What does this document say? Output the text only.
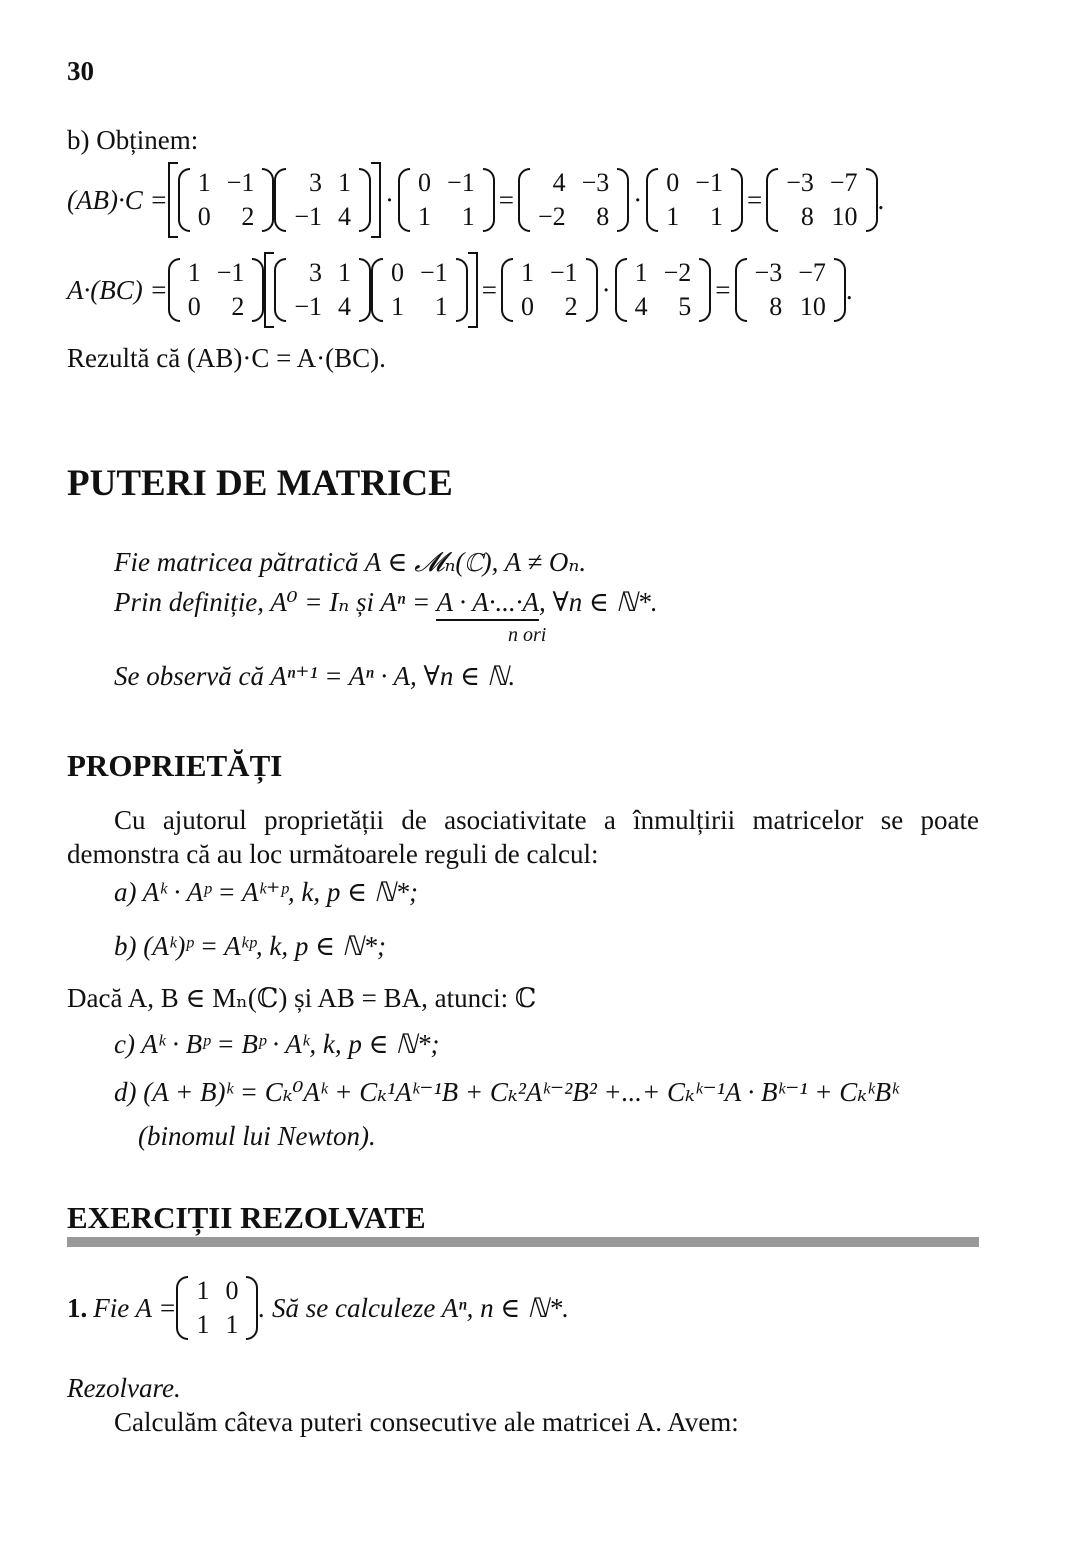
30
b) Obținem:
(AB)·C =
1	−1
0	2
3	1
−1	4
·
0	−1
1	1
=
4	−3
−2	8
·
0	−1
1	1
=
−3	−7
8	10
.
A·(BC) =
1	−1
0	2
3	1
−1	4
0	−1
1	1
=
1	−1
0	2
·
1	−2
4	5
=
−3	−7
8	10
.
Rezultă că (AB)·C = A·(BC).
PUTERI DE MATRICE
Fie matricea pătratică A ∈ 𝓜ₙ(ℂ), A ≠ Oₙ.
Prin definiție, A⁰ = Iₙ și Aⁿ = A · A·...·A, ∀n ∈ ℕ*.
n ori
Se observă că Aⁿ⁺¹ = Aⁿ · A, ∀n ∈ ℕ.
PROPRIETĂȚI
Cu ajutorul proprietății de asociativitate a înmulțirii matricelor se poate
demonstra că au loc următoarele reguli de calcul:
a) Aᵏ · Aᵖ = Aᵏ⁺ᵖ, k, p ∈ ℕ*;
b) (Aᵏ)ᵖ = Aᵏᵖ, k, p ∈ ℕ*;
Dacă A, B ∈ Mₙ(ℂ) și AB = BA, atunci: ℂ
c) Aᵏ · Bᵖ = Bᵖ · Aᵏ, k, p ∈ ℕ*;
d) (A + B)ᵏ = Cₖ⁰Aᵏ + Cₖ¹Aᵏ⁻¹B + Cₖ²Aᵏ⁻²B² +...+ Cₖᵏ⁻¹A · Bᵏ⁻¹ + CₖᵏBᵏ
(binomul lui Newton).
EXERCIȚII REZOLVATE
1. Fie A =
1	0
1	1
. Să se calculeze Aⁿ, n ∈ ℕ*.
Rezolvare.
Calculăm câteva puteri consecutive ale matricei A. Avem:
